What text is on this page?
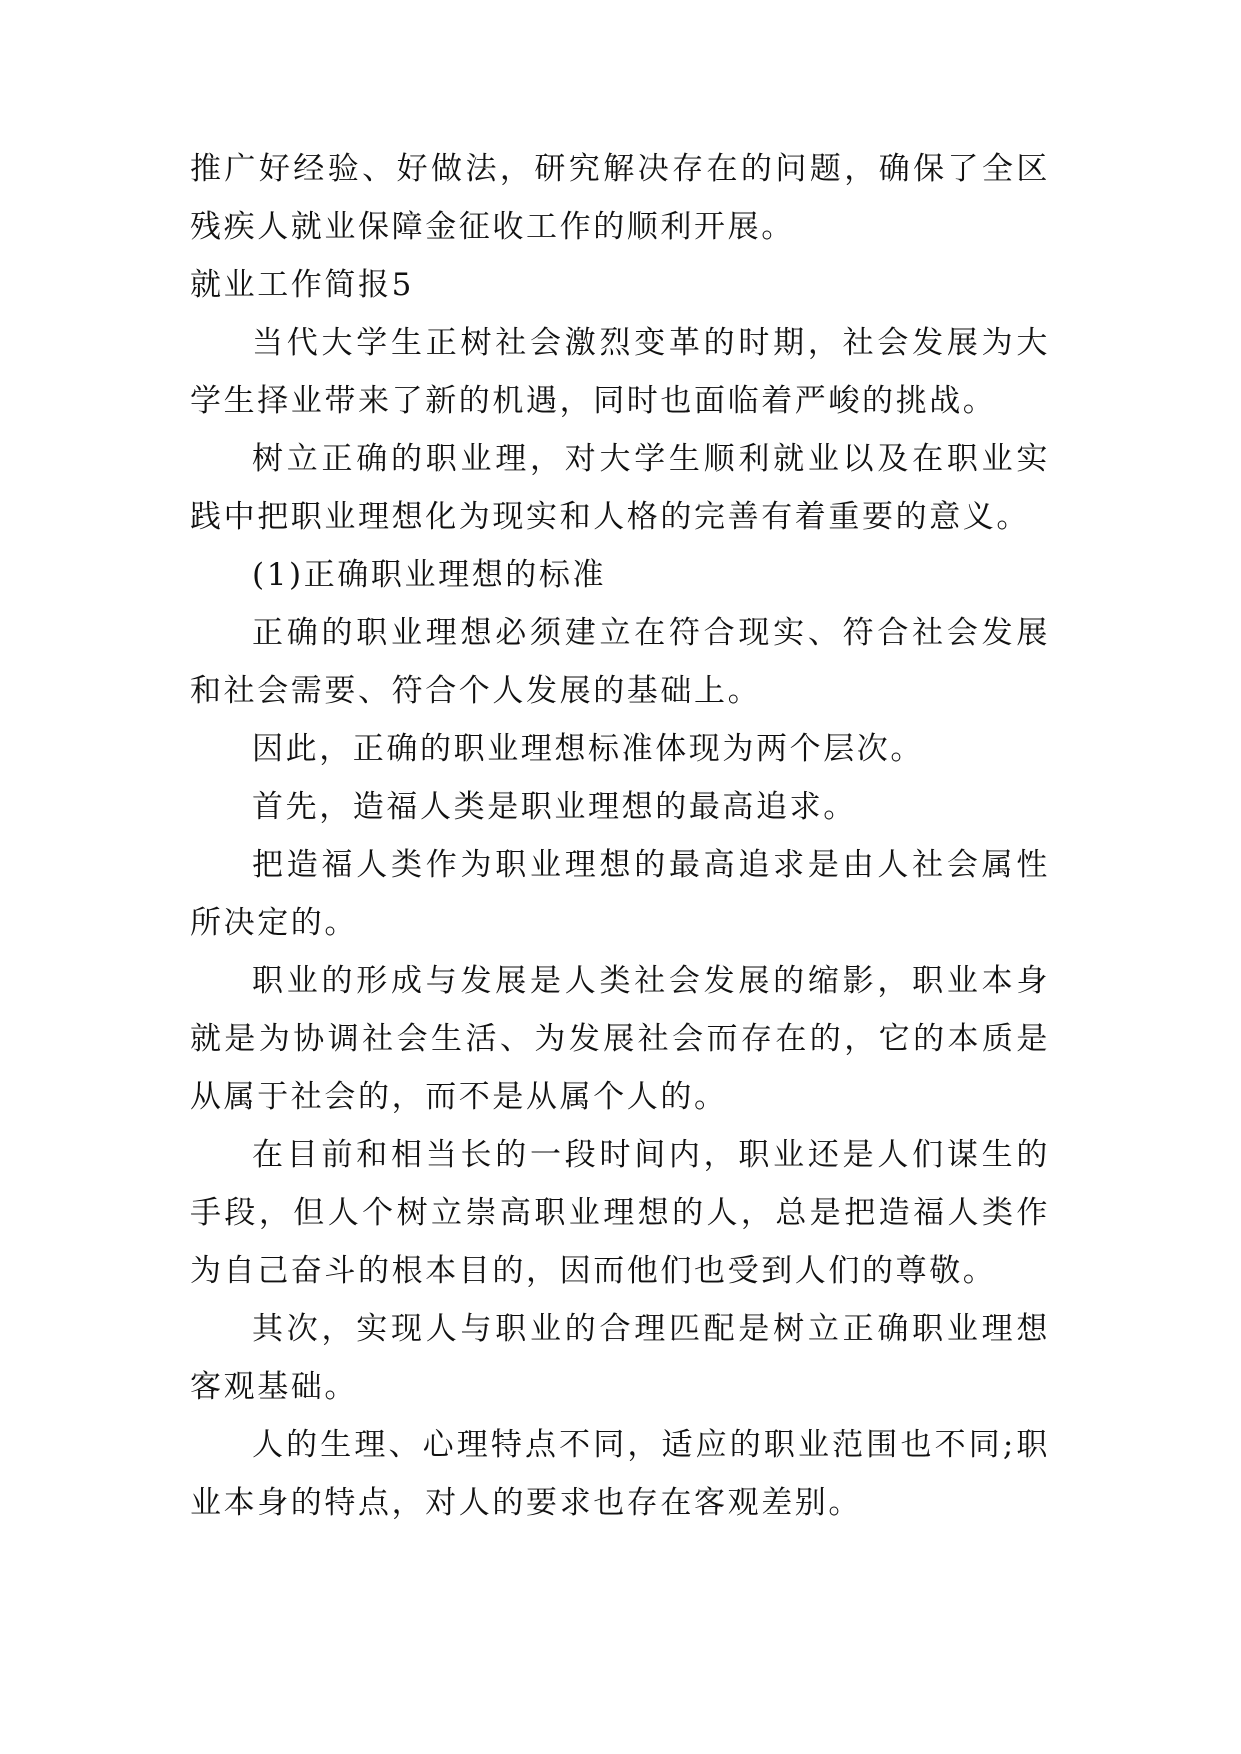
推广好经验、好做法，研究解决存在的问题，确保了全区残疾人就业保障金征收工作的顺利开展。

就业工作简报5

当代大学生正树社会激烈变革的时期，社会发展为大学生择业带来了新的机遇，同时也面临着严峻的挑战。

树立正确的职业理，对大学生顺利就业以及在职业实践中把职业理想化为现实和人格的完善有着重要的意义。

(1)正确职业理想的标准

正确的职业理想必须建立在符合现实、符合社会发展和社会需要、符合个人发展的基础上。

因此，正确的职业理想标准体现为两个层次。

首先，造福人类是职业理想的最高追求。

把造福人类作为职业理想的最高追求是由人社会属性所决定的。

职业的形成与发展是人类社会发展的缩影，职业本身就是为协调社会生活、为发展社会而存在的，它的本质是从属于社会的，而不是从属个人的。

在目前和相当长的一段时间内，职业还是人们谋生的手段，但人个树立崇高职业理想的人，总是把造福人类作为自己奋斗的根本目的，因而他们也受到人们的尊敬。

其次，实现人与职业的合理匹配是树立正确职业理想客观基础。

人的生理、心理特点不同，适应的职业范围也不同;职业本身的特点，对人的要求也存在客观差别。
